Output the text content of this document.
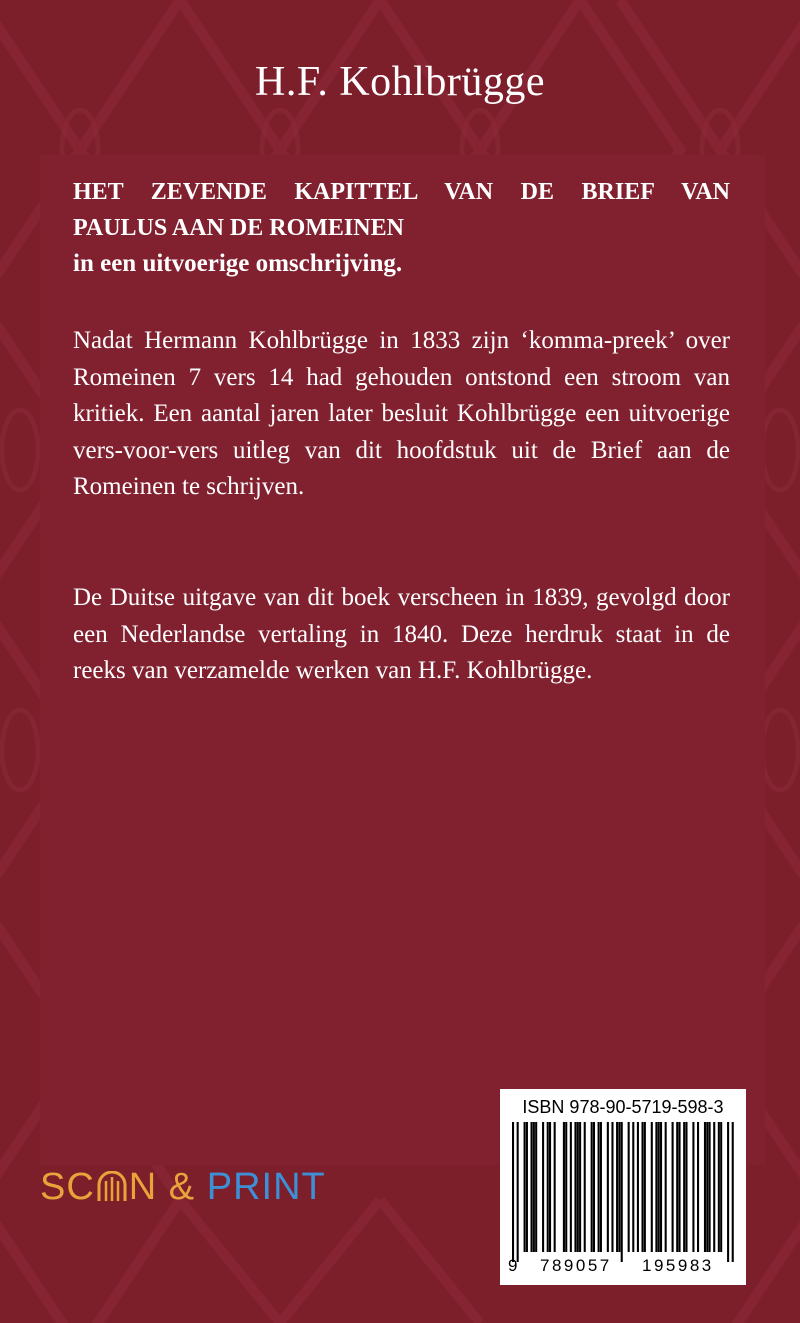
H.F. Kohlbrügge
HET ZEVENDE KAPITTEL VAN DE BRIEF VAN
PAULUS AAN DE ROMEINEN
in een uitvoerige omschrijving.
Nadat Hermann Kohlbrügge in 1833 zijn ‘komma-preek’ over Romeinen 7 vers 14 had gehouden ontstond een stroom van kritiek. Een aantal jaren later besluit Kohlbrügge een uitvoerige vers-voor-vers uitleg van dit hoofdstuk uit de Brief aan de Romeinen te schrijven.
De Duitse uitgave van dit boek verscheen in 1839, gevolgd door een Nederlandse vertaling in 1840. Deze herdruk staat in de reeks van verzamelde werken van H.F. Kohlbrügge.
SC N & PRINT
ISBN 978-90-5719-598-3
9 789057 195983
